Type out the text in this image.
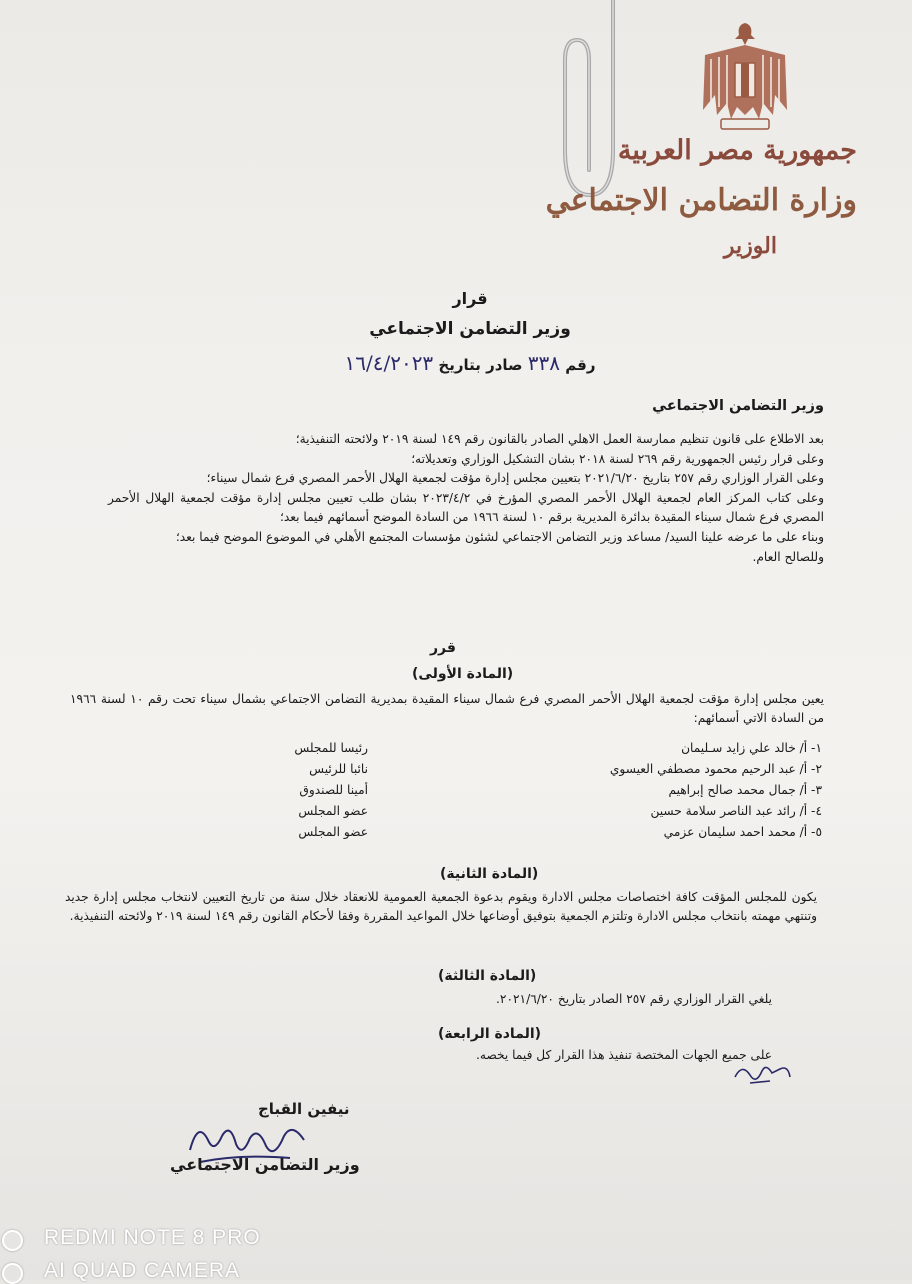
جمهورية مصر العربية
وزارة التضامن الاجتماعي
الوزير
قرار
وزير التضامن الاجتماعي
رقم ٣٣٨ صادر بتاريخ ١٦/٤/٢٠٢٣
وزير التضامن الاجتماعي

بعد الاطلاع على قانون تنظيم ممارسة العمل الاهلي الصادر بالقانون رقم ١٤٩ لسنة ٢٠١٩ ولائحته التنفيذية؛

وعلى قرار رئيس الجمهورية رقم ٢٦٩ لسنة ٢٠١٨ بشان التشكيل الوزاري وتعديلاته؛

وعلى القرار الوزاري رقم ٢٥٧ بتاريخ ٢٠٢١/٦/٢٠ بتعيين مجلس إدارة مؤقت لجمعية الهلال الأحمر المصري فرع شمال سيناء؛

وعلى كتاب المركز العام لجمعية الهلال الأحمر المصري المؤرخ في ٢٠٢٣/٤/٢ بشان طلب تعيين مجلس إدارة مؤقت لجمعية الهلال الأحمر المصري فرع شمال سيناء المقيدة بدائرة المديرية برقم ١٠ لسنة ١٩٦٦ من السادة الموضح أسمائهم فيما بعد؛

وبناء على ما عرضه علينا السيد/ مساعد وزير التضامن الاجتماعي لشئون مؤسسات المجتمع الأهلي في الموضوع الموضح فيما بعد؛

وللصالح العام.

قرر
(المادة الأولى)
يعين مجلس إدارة مؤقت لجمعية الهلال الأحمر المصري فرع شمال سيناء المقيدة بمديرية التضامن الاجتماعي بشمال سيناء تحت رقم ١٠ لسنة ١٩٦٦ من السادة الاتي أسمائهم:
١- أ/ خالد علي زايد سـليمان
٢- أ/ عبد الرحيم محمود مصطفي العيسوي
٣- أ/ جمال محمد صالح إبراهيم
٤- أ/ رائد عبد الناصر سلامة حسين
٥- أ/ محمد احمد سليمان عزمي
رئيسا للمجلس
نائبا للرئيس
أمينا للصندوق
عضو المجلس
عضو المجلس
(المادة الثانية)
يكون للمجلس المؤقت كافة اختصاصات مجلس الادارة ويقوم بدعوة الجمعية العمومية للانعقاد خلال سنة من تاريخ التعيين لانتخاب مجلس إدارة جديد وتنتهي مهمته بانتخاب مجلس الادارة وتلتزم الجمعية بتوفيق أوضاعها خلال المواعيد المقررة وفقا لأحكام القانون رقم ١٤٩ لسنة ٢٠١٩ ولائحته التنفيذية.
(المادة الثالثة)
يلغي القرار الوزاري رقم ٢٥٧ الصادر بتاريخ ٢٠٢١/٦/٢٠.
(المادة الرابعة)
على جميع الجهات المختصة تنفيذ هذا القرار كل فيما يخصه.
نيفين القباج
وزير التضامن الاجتماعي
REDMI NOTE 8 PRO
AI QUAD CAMERA
